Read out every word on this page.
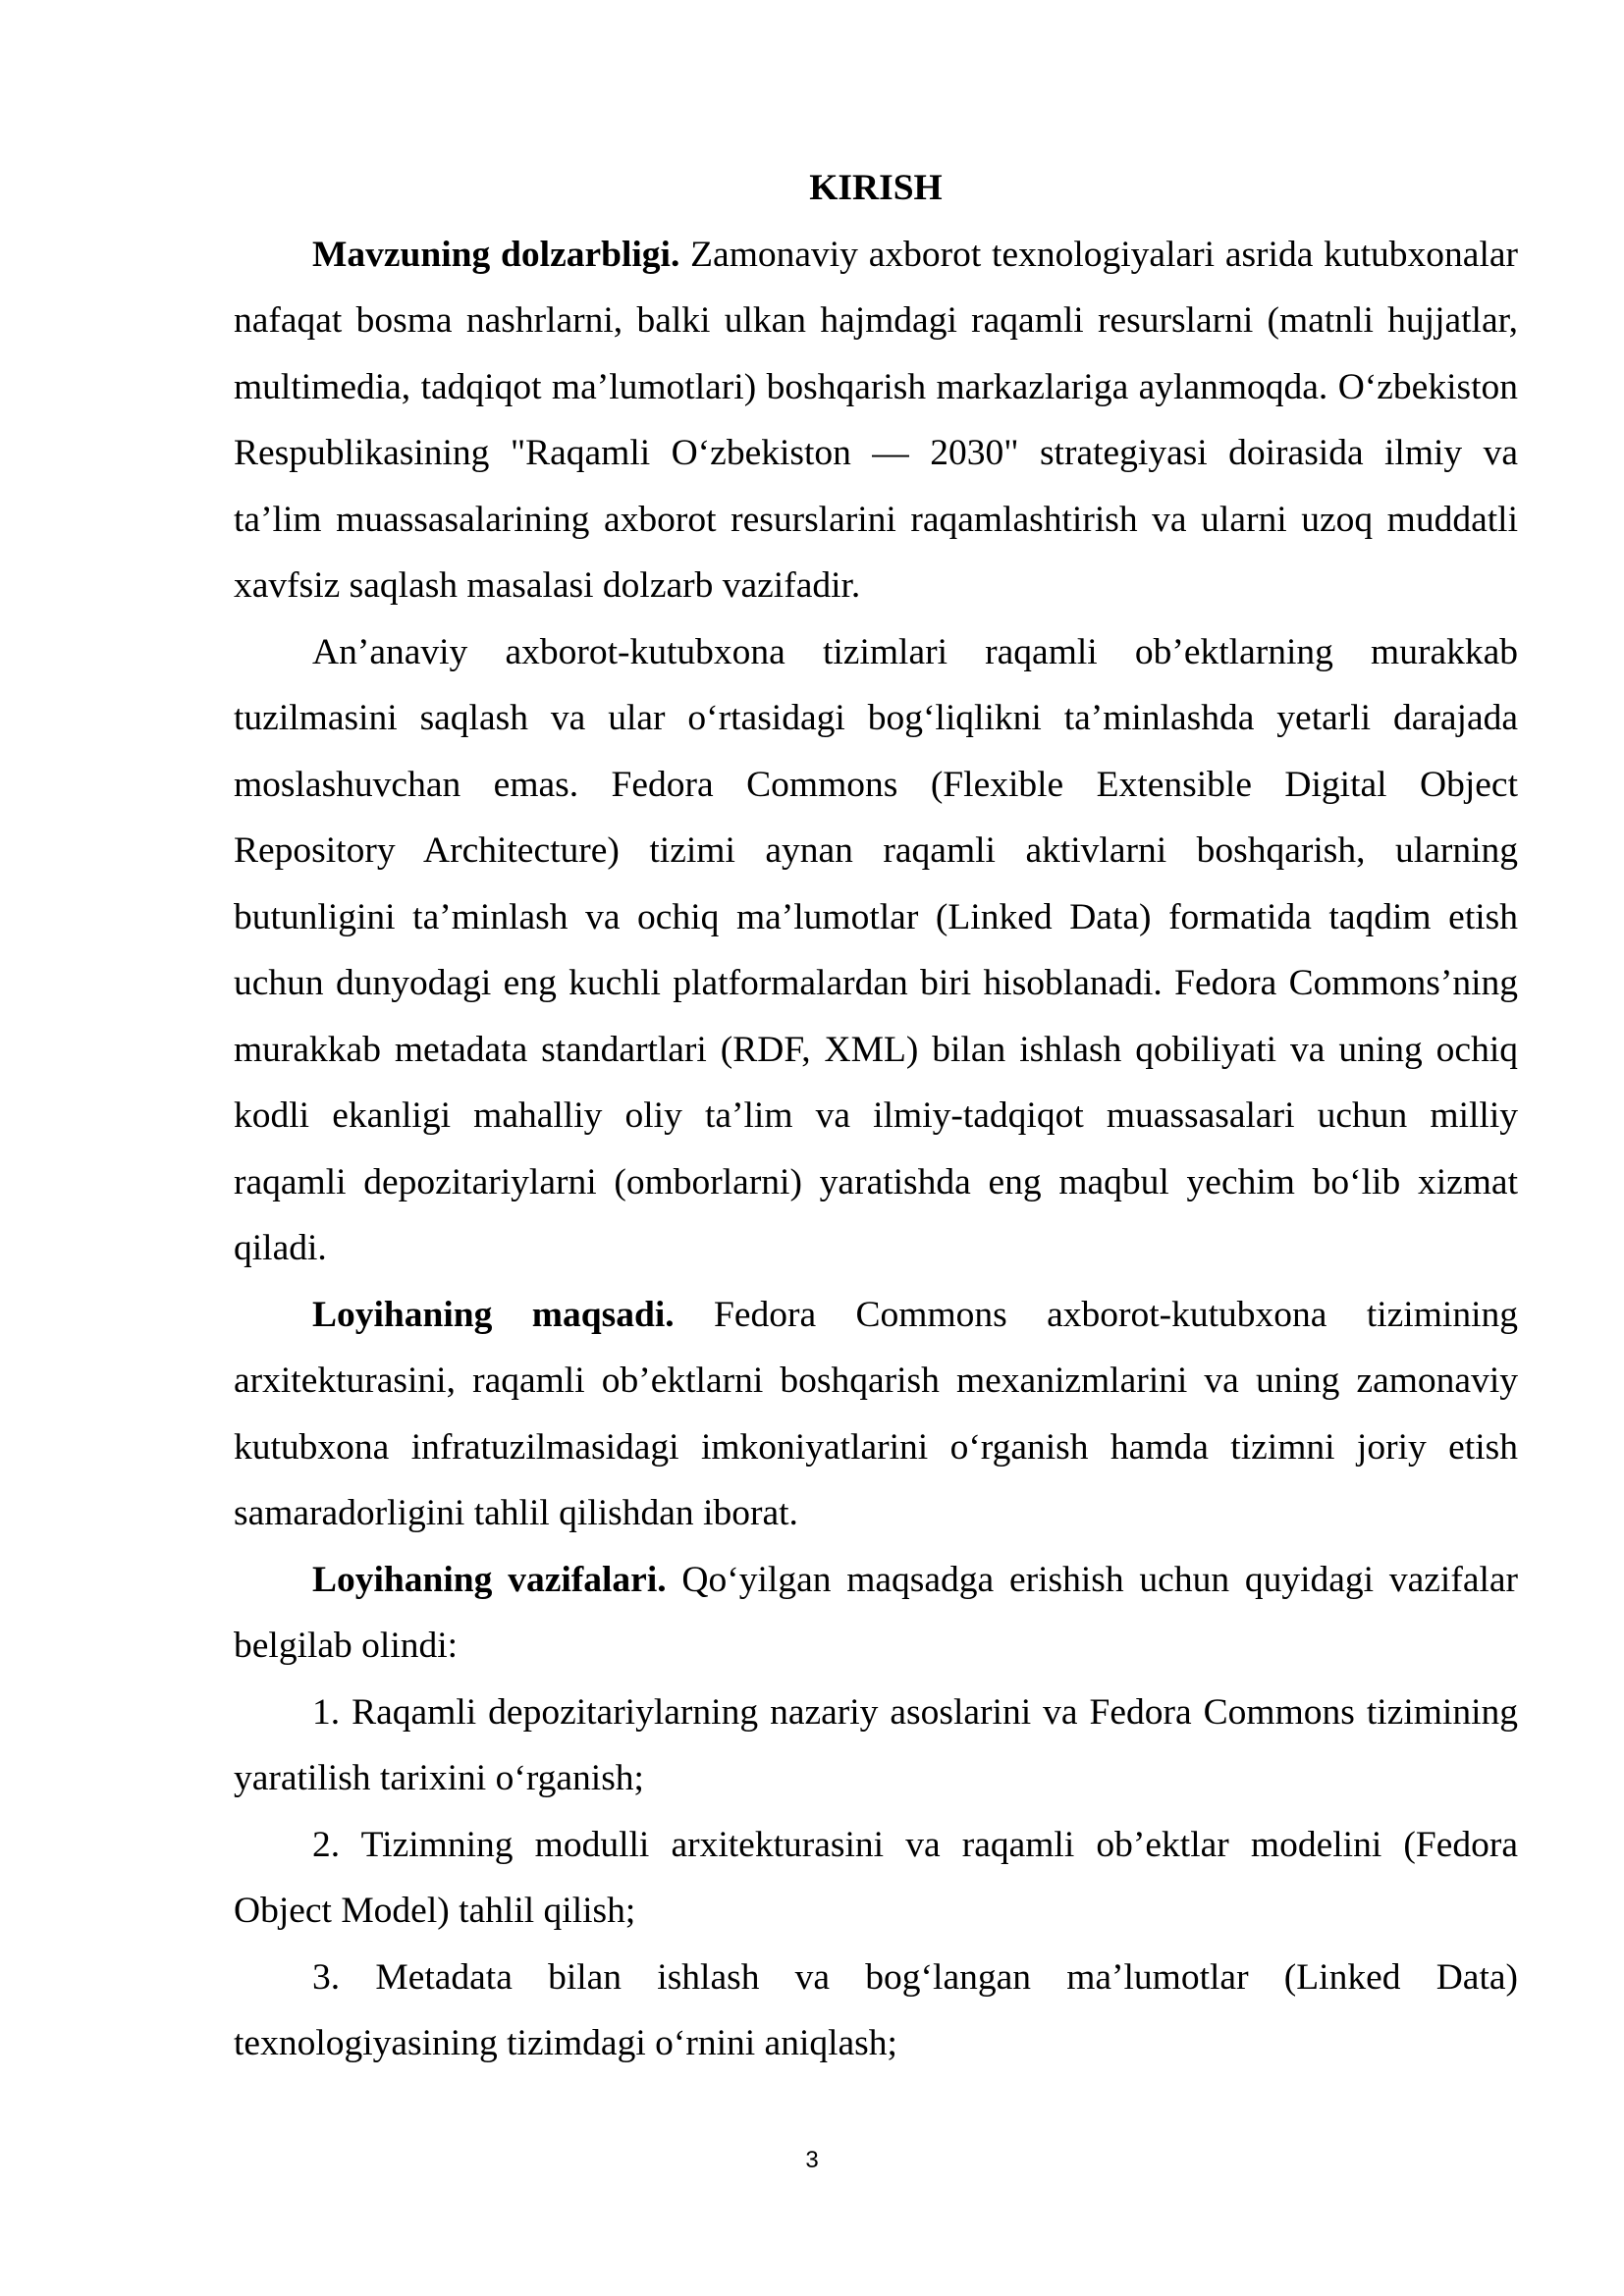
KIRISH

Mavzuning dolzarbligi. Zamonaviy axborot texnologiyalari asrida kutubxonalar nafaqat bosma nashrlarni, balki ulkan hajmdagi raqamli resurslarni (matnli hujjatlar, multimedia, tadqiqot ma’lumotlari) boshqarish markazlariga aylanmoqda. O‘zbekiston Respublikasining "Raqamli O‘zbekiston — 2030" strategiyasi doirasida ilmiy va ta’lim muassasalarining axborot resurslarini raqamlashtirish va ularni uzoq muddatli xavfsiz saqlash masalasi dolzarb vazifadir.

An’anaviy axborot-kutubxona tizimlari raqamli ob’ektlarning murakkab tuzilmasini saqlash va ular o‘rtasidagi bog‘liqlikni ta’minlashda yetarli darajada moslashuvchan emas. Fedora Commons (Flexible Extensible Digital Object Repository Architecture) tizimi aynan raqamli aktivlarni boshqarish, ularning butunligini ta’minlash va ochiq ma’lumotlar (Linked Data) formatida taqdim etish uchun dunyodagi eng kuchli platformalardan biri hisoblanadi. Fedora Commons’ning murakkab metadata standartlari (RDF, XML) bilan ishlash qobiliyati va uning ochiq kodli ekanligi mahalliy oliy ta’lim va ilmiy-tadqiqot muassasalari uchun milliy raqamli depozitariylarni (omborlarni) yaratishda eng maqbul yechim bo‘lib xizmat qiladi.

Loyihaning maqsadi. Fedora Commons axborot-kutubxona tizimining arxitekturasini, raqamli ob’ektlarni boshqarish mexanizmlarini va uning zamonaviy kutubxona infratuzilmasidagi imkoniyatlarini o‘rganish hamda tizimni joriy etish samaradorligini tahlil qilishdan iborat.

Loyihaning vazifalari. Qo‘yilgan maqsadga erishish uchun quyidagi vazifalar belgilab olindi:

1. Raqamli depozitariylarning nazariy asoslarini va Fedora Commons tizimining yaratilish tarixini o‘rganish;

2. Tizimning modulli arxitekturasini va raqamli ob’ektlar modelini (Fedora Object Model) tahlil qilish;

3. Metadata bilan ishlash va bog‘langan ma’lumotlar (Linked Data) texnologiyasining tizimdagi o‘rnini aniqlash;

3
